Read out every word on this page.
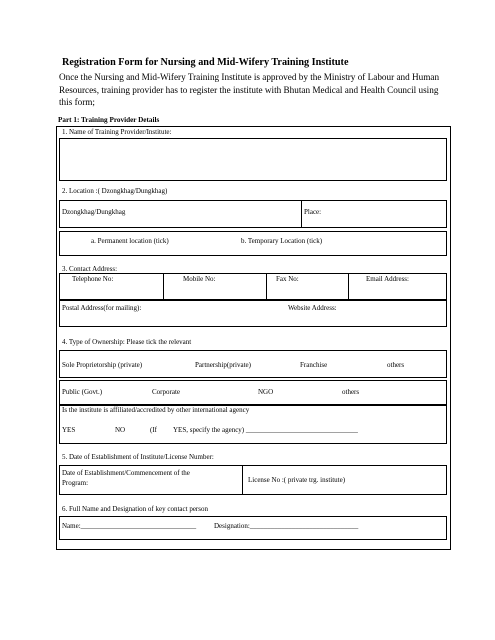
Registration Form for Nursing and Mid-Wifery Training Institute
Once the Nursing and Mid-Wifery Training Institute is approved by the Ministry of Labour and Human Resources, training provider has to register the institute with Bhutan Medical and Health Council using this form;
Part 1: Training Provider Details
1. Name of Training Provider/Institute:
2. Location :( Dzongkhag/Dungkhag)
Dzongkhag/Dungkhag	Place:
a. Permanent location (tick)	b. Temporary Location (tick)
3. Contact Address:
Telephone No:	Mobile No:	Fax No:	Email Address:
Postal Address(for mailing):	Website Address:
4. Type of Ownership: Please tick the relevant
Sole Proprietorship (private)	Partnership(private)	Franchise	others
Public (Govt.)	Corporate	NGO	others
Is the institute is affiliated/accredited by other international agency
YES	NO	(If YES, specify the agency) ________________________________
5. Date of Establishment of Institute/License Number:
Date of Establishment/Commencement of the
Program:	License No :( private trg. institute)
6. Full Name and Designation of key contact person
Name:_________________________________	Designation:_______________________________
